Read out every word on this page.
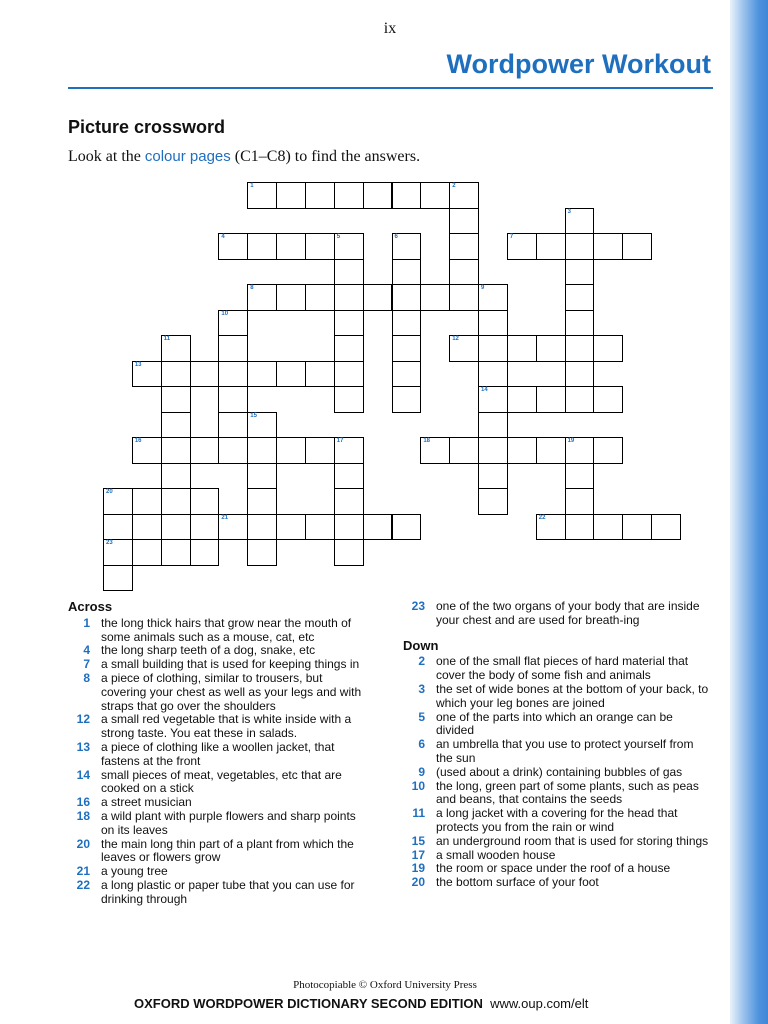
ix
Wordpower Workout
Picture crossword
Look at the colour pages (C1–C8) to find the answers.
1	2
3
4	5	6	7
8	9
14
10
11	12
13
15
16	17	18	19
20
23
21	22
Across
1 the long thick hairs that grow near the mouth of some animals such as a mouse, cat, etc
4 the long sharp teeth of a dog, snake, etc
7 a small building that is used for keeping things in
8 a piece of clothing, similar to trousers, but covering your chest as well as your legs and with straps that go over the shoulders
12 a small red vegetable that is white inside with a strong taste. You eat these in salads.
13 a piece of clothing like a woollen jacket, that fastens at the front
14 small pieces of meat, vegetables, etc that are cooked on a stick
16 a street musician
18 a wild plant with purple flowers and sharp points on its leaves
20 the main long thin part of a plant from which the leaves or flowers grow
21 a young tree
22 a long plastic or paper tube that you can use for drinking through
23 one of the two organs of your body that are inside your chest and are used for breath-ing
Down
2 one of the small flat pieces of hard material that cover the body of some fish and animals
3 the set of wide bones at the bottom of your back, to which your leg bones are joined
5 one of the parts into which an orange can be divided
6 an umbrella that you use to protect yourself from the sun
9 (used about a drink) containing bubbles of gas
10 the long, green part of some plants, such as peas and beans, that contains the seeds
11 a long jacket with a covering for the head that protects you from the rain or wind
15 an underground room that is used for storing things
17 a small wooden house
19 the room or space under the roof of a house
20 the bottom surface of your foot
Photocopiable © Oxford University Press
OXFORD WORDPOWER DICTIONARY SECOND EDITION www.oup.com/elt
